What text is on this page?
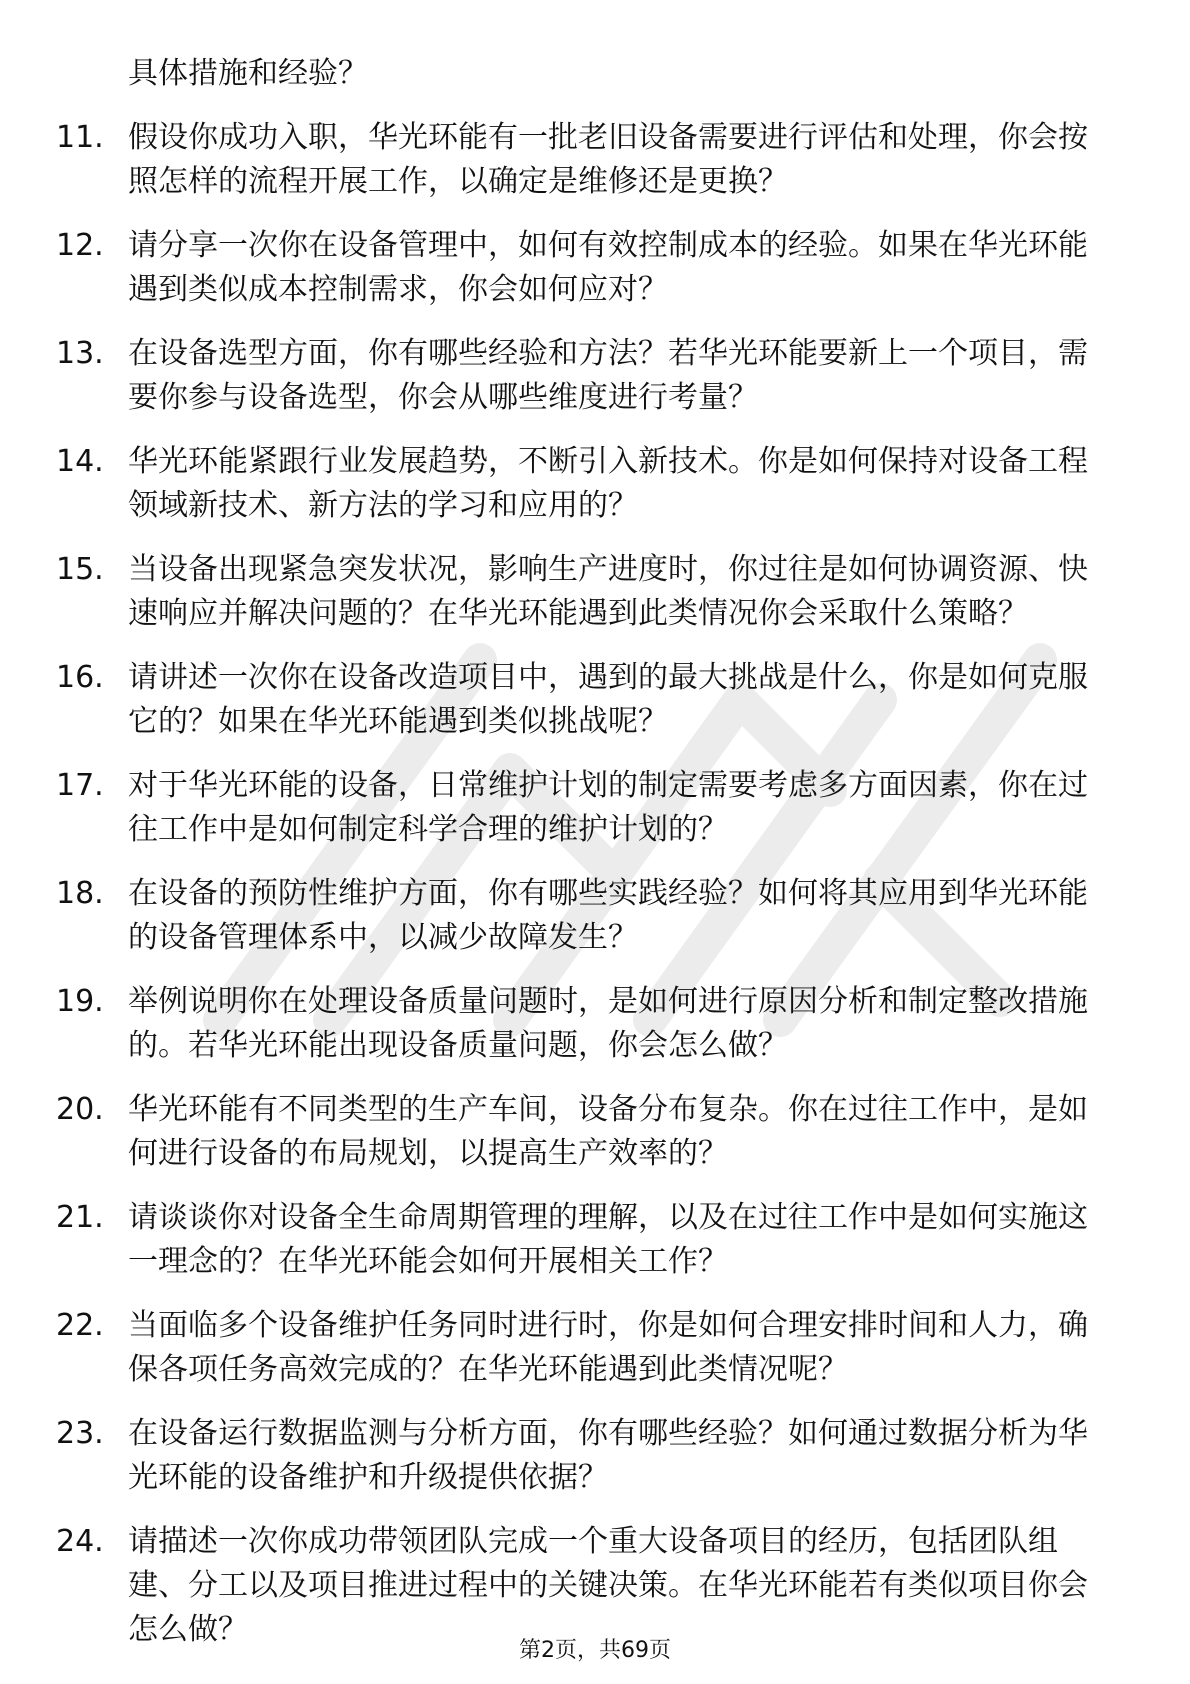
具体措施和经验？
11. 假设你成功入职，华光环能有一批老旧设备需要进行评估和处理，你会按照怎样的流程开展工作，以确定是维修还是更换？
12. 请分享一次你在设备管理中，如何有效控制成本的经验。如果在华光环能遇到类似成本控制需求，你会如何应对？
13. 在设备选型方面，你有哪些经验和方法？若华光环能要新上一个项目，需要你参与设备选型，你会从哪些维度进行考量？
14. 华光环能紧跟行业发展趋势，不断引入新技术。你是如何保持对设备工程领域新技术、新方法的学习和应用的？
15. 当设备出现紧急突发状况，影响生产进度时，你过往是如何协调资源、快速响应并解决问题的？在华光环能遇到此类情况你会采取什么策略？
16. 请讲述一次你在设备改造项目中，遇到的最大挑战是什么，你是如何克服它的？如果在华光环能遇到类似挑战呢？
17. 对于华光环能的设备，日常维护计划的制定需要考虑多方面因素，你在过往工作中是如何制定科学合理的维护计划的？
18. 在设备的预防性维护方面，你有哪些实践经验？如何将其应用到华光环能的设备管理体系中，以减少故障发生？
19. 举例说明你在处理设备质量问题时，是如何进行原因分析和制定整改措施的。若华光环能出现设备质量问题，你会怎么做？
20. 华光环能有不同类型的生产车间，设备分布复杂。你在过往工作中，是如何进行设备的布局规划，以提高生产效率的？
21. 请谈谈你对设备全生命周期管理的理解，以及在过往工作中是如何实施这一理念的？在华光环能会如何开展相关工作？
22. 当面临多个设备维护任务同时进行时，你是如何合理安排时间和人力，确保各项任务高效完成的？在华光环能遇到此类情况呢？
23. 在设备运行数据监测与分析方面，你有哪些经验？如何通过数据分析为华光环能的设备维护和升级提供依据？
24. 请描述一次你成功带领团队完成一个重大设备项目的经历，包括团队组建、分工以及项目推进过程中的关键决策。在华光环能若有类似项目你会怎么做？
第2页，共69页
